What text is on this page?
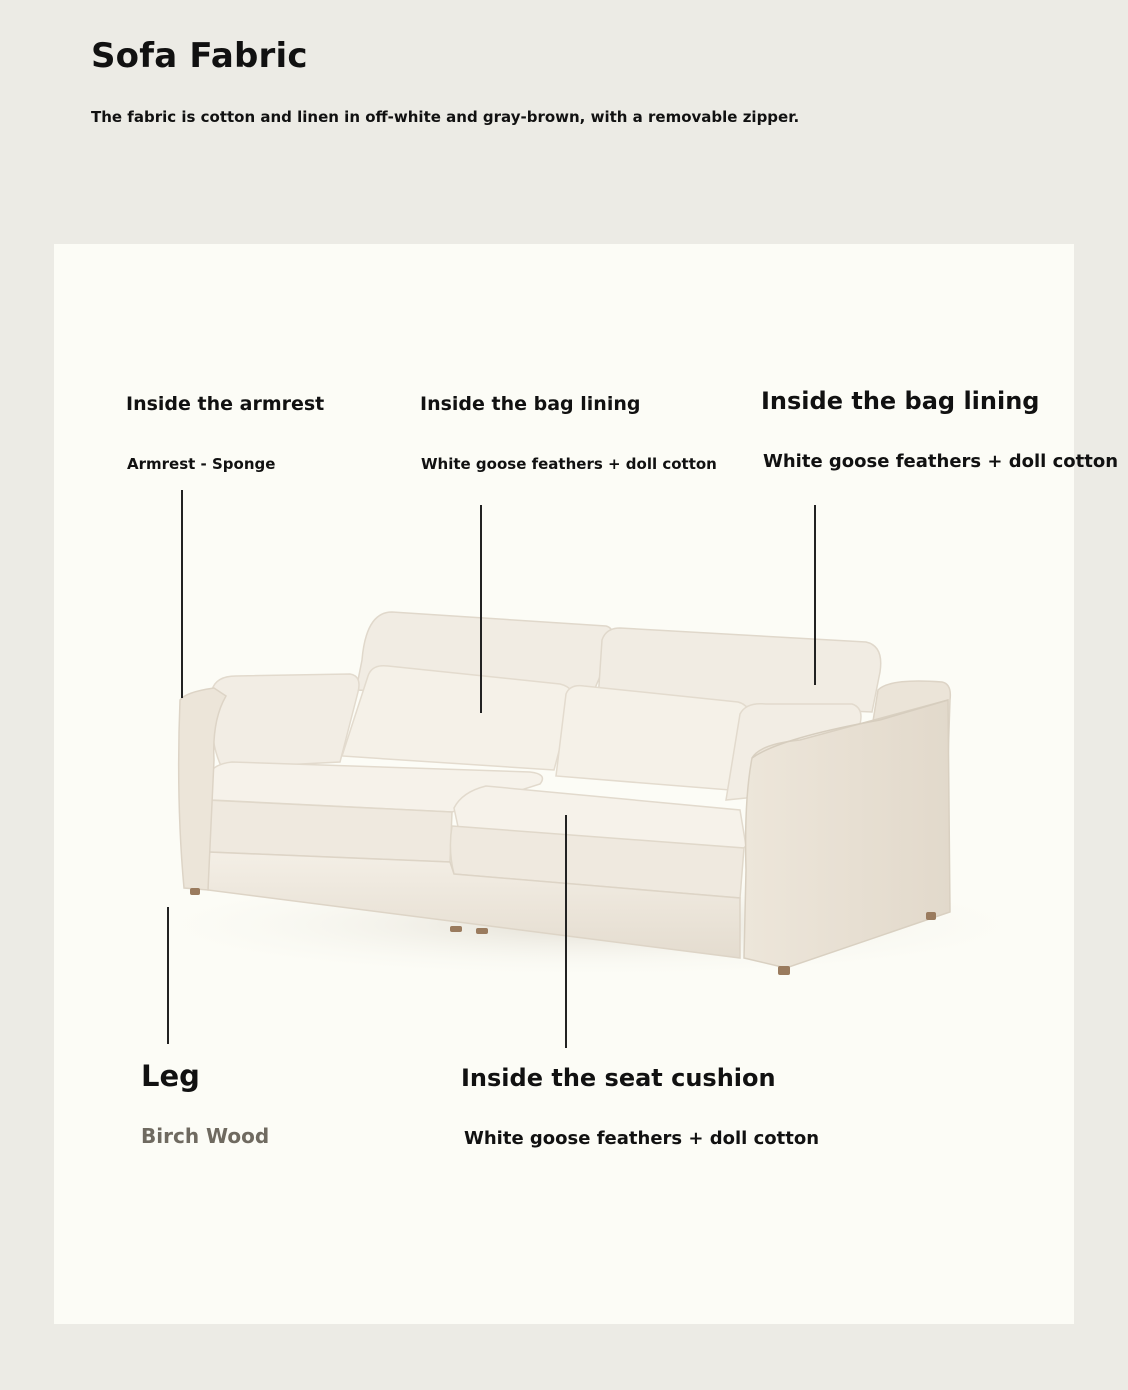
Sofa Fabric

The fabric is cotton and linen in off-white and gray-brown, with a removable zipper.

Inside the armrest

Armrest - Sponge

Inside the bag lining

White goose feathers + doll cotton

Inside the bag lining

White goose feathers + doll cotton

Leg

Birch Wood

Inside the seat cushion

White goose feathers + doll cotton
